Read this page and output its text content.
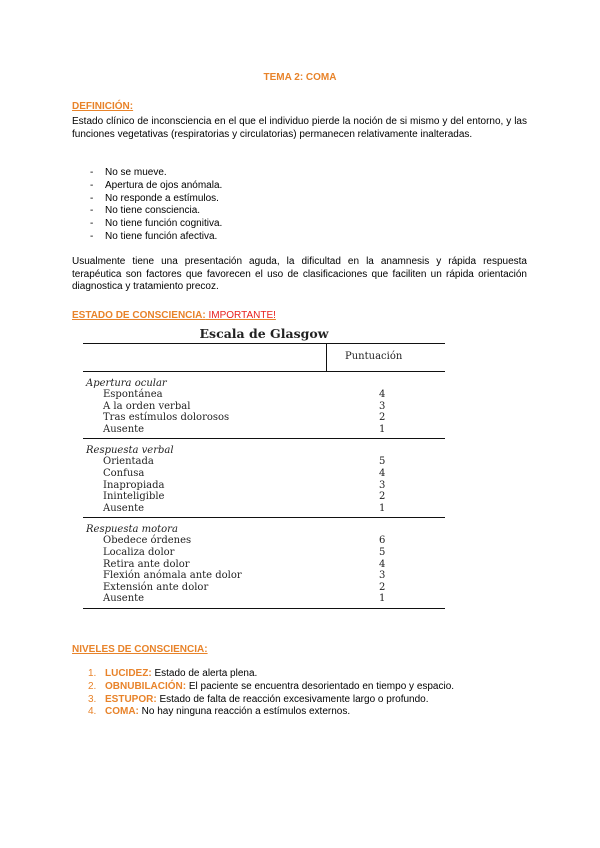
TEMA 2: COMA
DEFINICIÓN:
Estado clínico de inconsciencia en el que el individuo pierde la noción de si mismo y del entorno, y las funciones vegetativas (respiratorias y circulatorias) permanecen relativamente inalteradas.
- No se mueve.
- Apertura de ojos anómala.
- No responde a estímulos.
- No tiene consciencia.
- No tiene función cognitiva.
- No tiene función afectiva.
Usualmente tiene una presentación aguda, la dificultad en la anamnesis y rápida respuesta terapéutica son factores que favorecen el uso de clasificaciones que faciliten un rápida orientación diagnostica y tratamiento precoz.
ESTADO DE CONSCIENCIA: IMPORTANTE!
Escala de Glasgow
Puntuación
Apertura ocular
Espontánea	4
A la orden verbal	3
Tras estímulos dolorosos	2
Ausente	1
Respuesta verbal
Orientada	5
Confusa	4
Inapropiada	3
Ininteligible	2
Ausente	1
Respuesta motora
Obedece órdenes	6
Localiza dolor	5
Retira ante dolor	4
Flexión anómala ante dolor	3
Extensión ante dolor	2
Ausente	1
NIVELES DE CONSCIENCIA:
1. LUCIDEZ: Estado de alerta plena.
2. OBNUBILACIÓN: El paciente se encuentra desorientado en tiempo y espacio.
3. ESTUPOR: Estado de falta de reacción excesivamente largo o profundo.
4. COMA: No hay ninguna reacción a estímulos externos.
